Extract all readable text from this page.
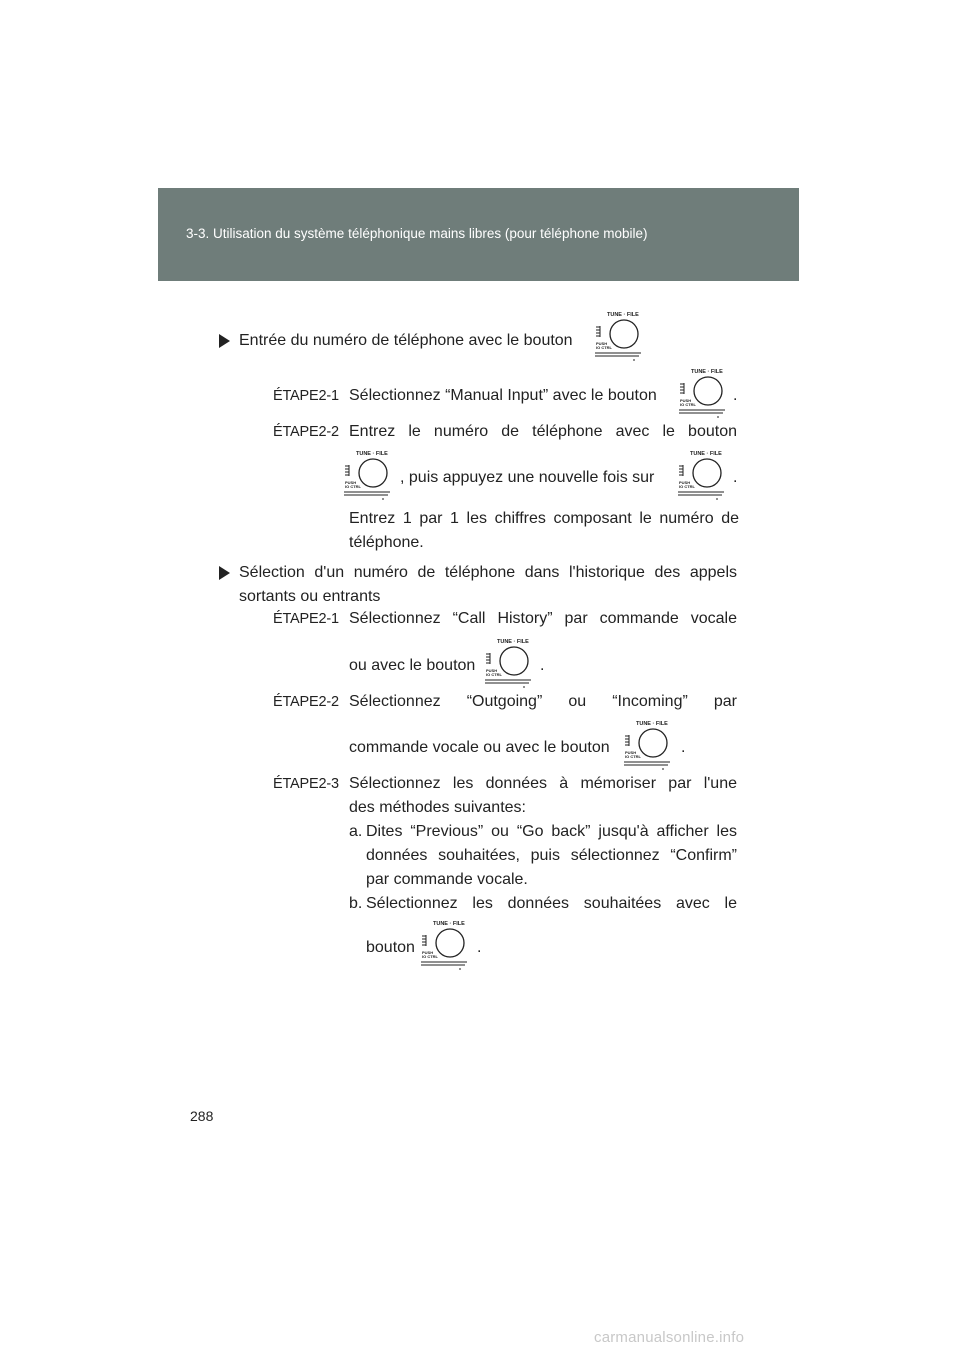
3-3. Utilisation du système téléphonique mains libres (pour téléphone mobile)
Entrée du numéro de téléphone avec le bouton
ÉTAPE2-1 Sélectionnez “Manual Input” avec le bouton	.
ÉTAPE2-2 Entrez le numéro de téléphone avec le bouton
, puis appuyez une nouvelle fois sur	.
Entrez 1 par 1 les chiffres composant le numéro de téléphone.
Sélection d'un numéro de téléphone dans l'historique des appels
sortants ou entrants
ÉTAPE2-1 Sélectionnez “Call History” par commande vocale
ou avec le bouton	.
ÉTAPE2-2 Sélectionnez “Outgoing” ou “Incoming” par
commande vocale ou avec le bouton	.
ÉTAPE2-3 Sélectionnez les données à mémoriser par l'une
des méthodes suivantes:
a. Dites “Previous” ou “Go back” jusqu'à afficher les
données souhaitées, puis sélectionnez “Confirm”
par commande vocale.
b. Sélectionnez les données souhaitées avec le
bouton	.
288
carmanualsonline.info
